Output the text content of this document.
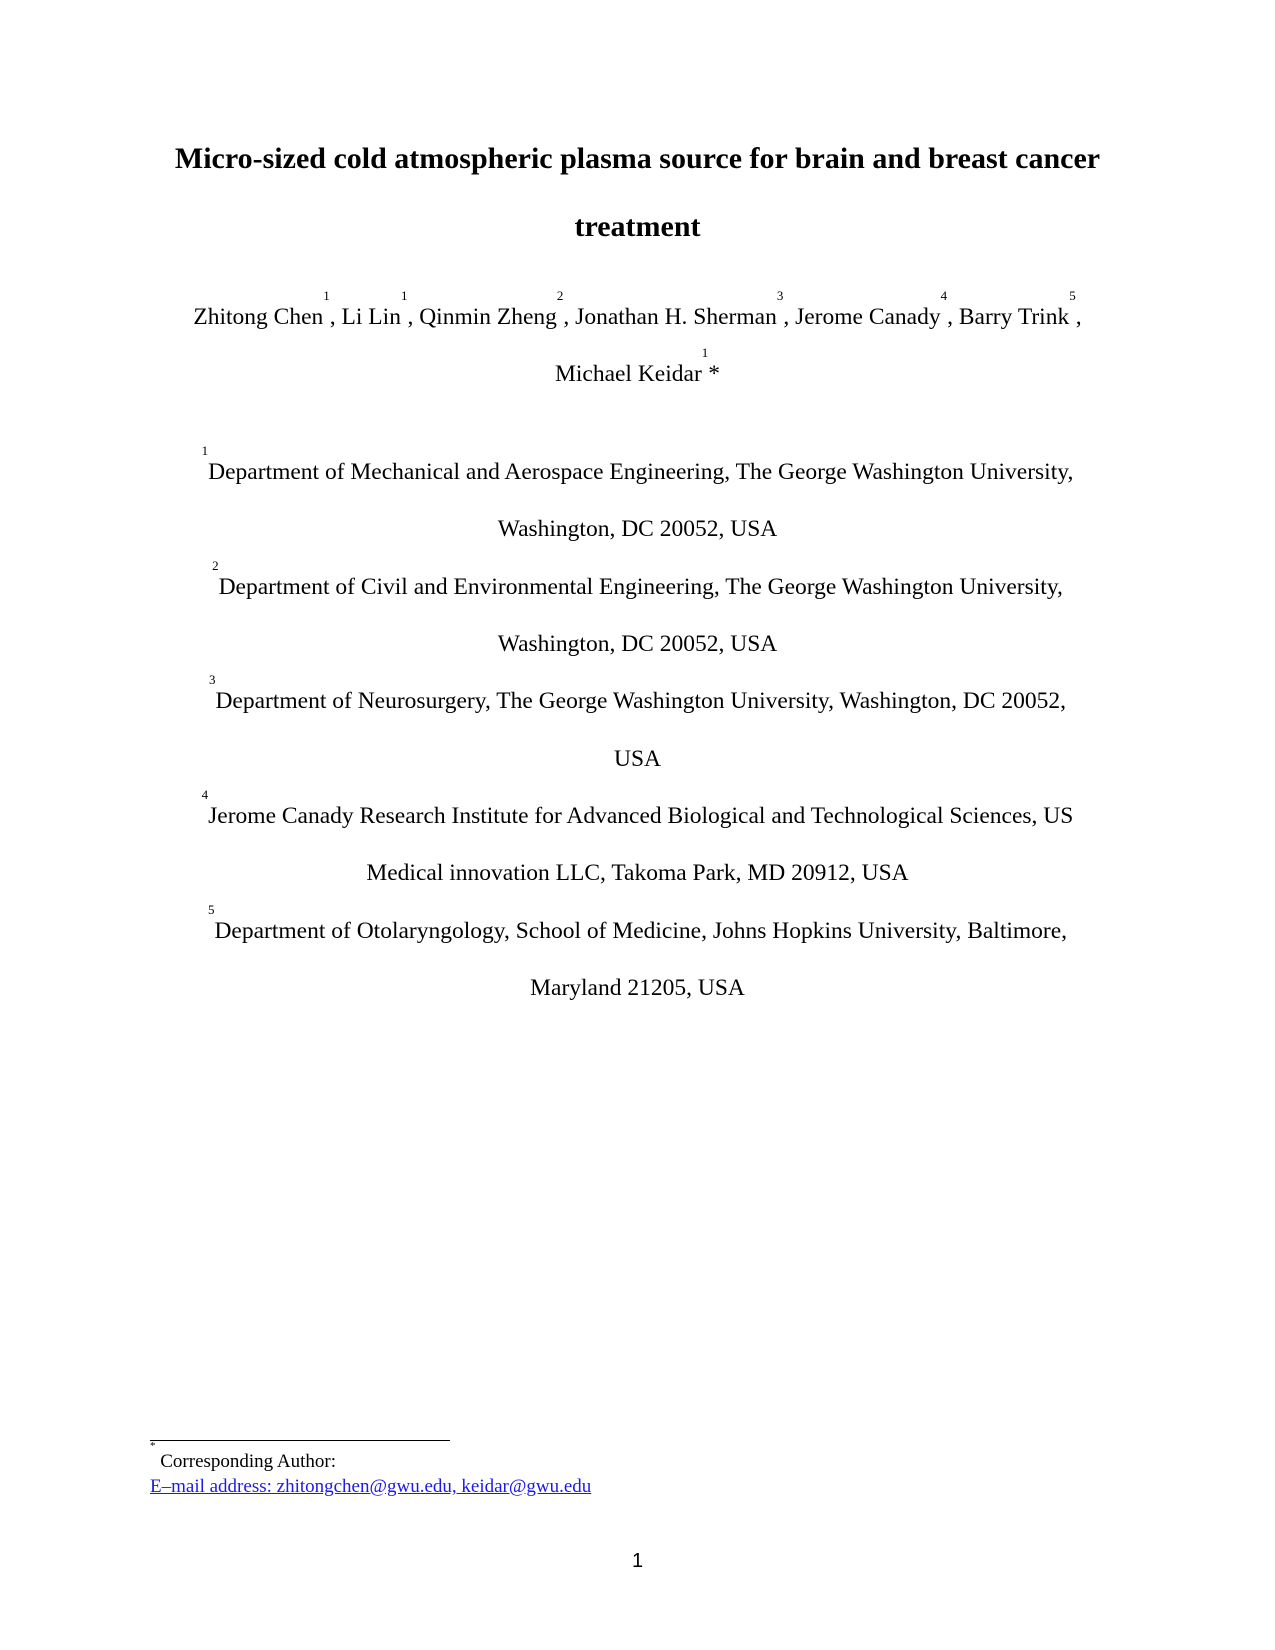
Micro-sized cold atmospheric plasma source for brain and breast cancer
treatment
Zhitong Chen$^1$, Li Lin$^1$, Qinmin Zheng$^2$, Jonathan H. Sherman$^3$, Jerome Canady$^4$, Barry Trink$^5$,
Michael Keidar$^1$*
$^1$Department of Mechanical and Aerospace Engineering, The George Washington University,
Washington, DC 20052, USA
$^2$Department of Civil and Environmental Engineering, The George Washington University,
Washington, DC 20052, USA
$^3$Department of Neurosurgery, The George Washington University, Washington, DC 20052,
USA
$^4$Jerome Canady Research Institute for Advanced Biological and Technological Sciences, US
Medical innovation LLC, Takoma Park, MD 20912, USA
$^5$Department of Otolaryngology, School of Medicine, Johns Hopkins University, Baltimore,
Maryland 21205, USA
* Corresponding Author:
E–mail address: zhitongchen@gwu.edu, keidar@gwu.edu
1
